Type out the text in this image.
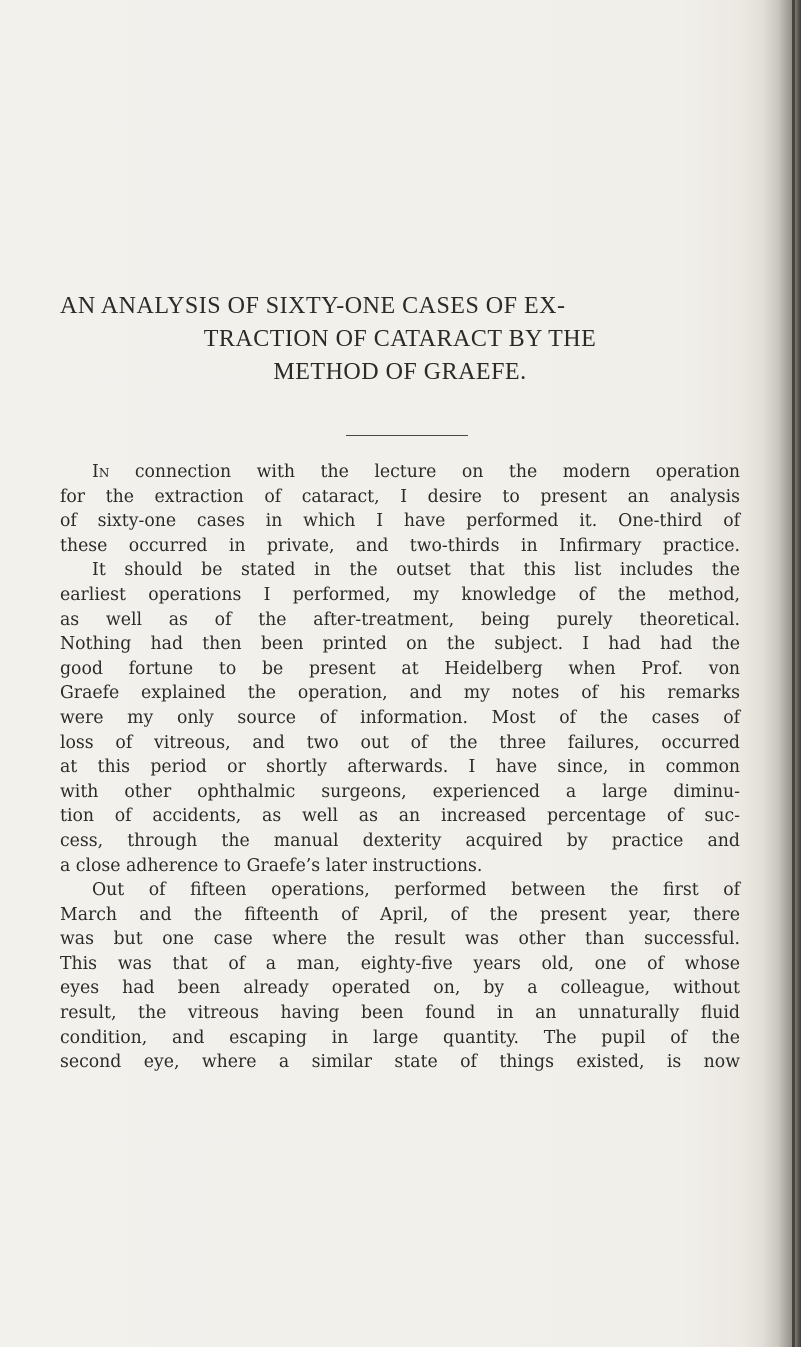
AN ANALYSIS OF SIXTY-ONE CASES OF EX-
TRACTION OF CATARACT BY THE
METHOD OF GRAEFE.
In connection with the lecture on the modern operation
for the extraction of cataract, I desire to present an analysis
of sixty-one cases in which I have performed it. One-third of
these occurred in private, and two-thirds in Infirmary practice.
It should be stated in the outset that this list includes the
earliest operations I performed, my knowledge of the method,
as well as of the after-treatment, being purely theoretical.
Nothing had then been printed on the subject. I had had the
good fortune to be present at Heidelberg when Prof. von
Graefe explained the operation, and my notes of his remarks
were my only source of information. Most of the cases of
loss of vitreous, and two out of the three failures, occurred
at this period or shortly afterwards. I have since, in common
with other ophthalmic surgeons, experienced a large diminu-
tion of accidents, as well as an increased percentage of suc-
cess, through the manual dexterity acquired by practice and
a close adherence to Graefe’s later instructions.
Out of fifteen operations, performed between the first of
March and the fifteenth of April, of the present year, there
was but one case where the result was other than successful.
This was that of a man, eighty-five years old, one of whose
eyes had been already operated on, by a colleague, without
result, the vitreous having been found in an unnaturally fluid
condition, and escaping in large quantity. The pupil of the
second eye, where a similar state of things existed, is now
